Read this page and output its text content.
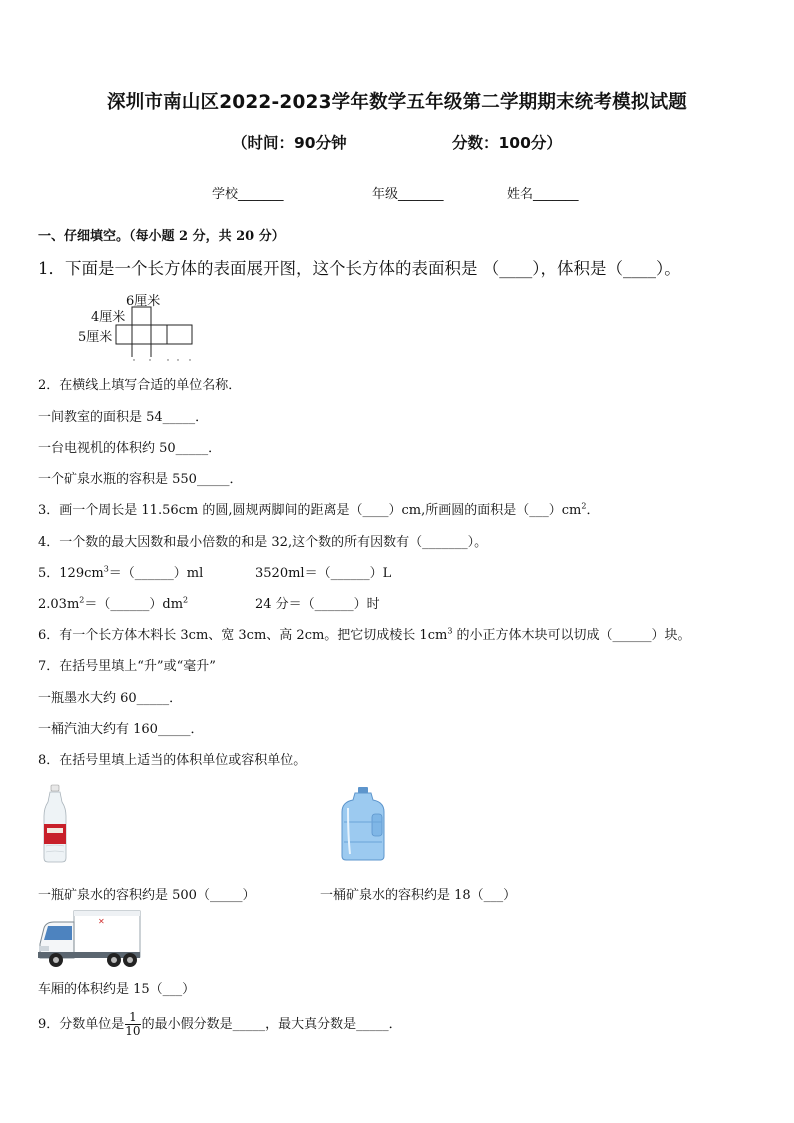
深圳市南山区2022-2023学年数学五年级第二学期期末统考模拟试题
（时间：90分钟	分数：100分）
学校_______	年级_______	姓名_______
一、仔细填空。（每小题 2 分，共 20 分）
1．下面是一个长方体的表面展开图，这个长方体的表面积是 （____），体积是（____）。
6厘米
4厘米
5厘米
2．在横线上填写合适的单位名称．
一间教室的面积是 54_____．
一台电视机的体积约 50_____．
一个矿泉水瓶的容积是 550_____．
3．画一个周长是 11.56cm 的圆,圆规两脚间的距离是（____）cm,所画圆的面积是$(\_\_\_)cm^2$．
4．一个数的最大因数和最小倍数的和是 32,这个数的所有因数有（_______）。
5．$129cm^3=(\_\_\_\_\_\_)ml$	3520ml＝（______）L
$2.03m^2=(\_\_\_\_\_\_)dm^2$	24 分＝（______）时
6．有一个长方体木料长 3cm、宽 3cm、高 2cm。把它切成棱长 $1cm^3$ 的小正方体木块可以切成（______）块。
7．在括号里填上“升”或“毫升”
一瓶墨水大约 60_____．
一桶汽油大约有 160_____．
8．在括号里填上适当的体积单位或容积单位。
一瓶矿泉水的容积约是 500（_____）	一桶矿泉水的容积约是 18（___）
✕
车厢的体积约是 15（___）
9．分数单位是 $\frac{1}{10}$ 的最小假分数是_____，最大真分数是_____．
